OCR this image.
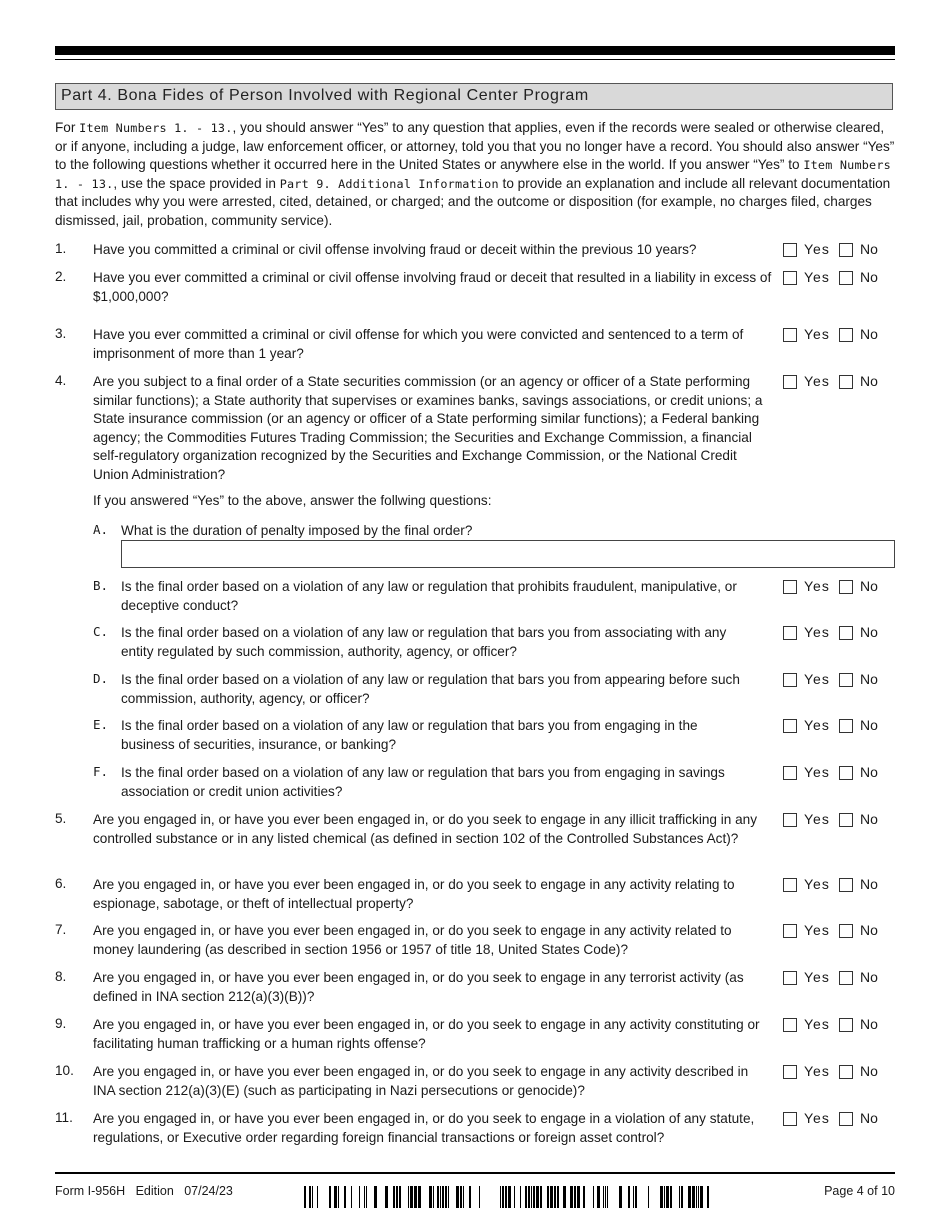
Part 4. Bona Fides of Person Involved with Regional Center Program
For Item Numbers 1. - 13., you should answer “Yes” to any question that applies, even if the records were sealed or otherwise cleared, or if anyone, including a judge, law enforcement officer, or attorney, told you that you no longer have a record. You should also answer “Yes” to the following questions whether it occurred here in the United States or anywhere else in the world. If you answer “Yes” to Item Numbers 1. - 13., use the space provided in Part 9. Additional Information to provide an explanation and include all relevant documentation that includes why you were arrested, cited, detained, or charged; and the outcome or disposition (for example, no charges filed, charges dismissed, jail, probation, community service).
1.	Have you committed a criminal or civil offense involving fraud or deceit within the previous 10 years?	Yes No
2.	Have you ever committed a criminal or civil offense involving fraud or deceit that resulted in a liability in excess of $1,000,000?
Yes No
3.	Have you ever committed a criminal or civil offense for which you were convicted and sentenced to a term of imprisonment of more than 1 year?
Yes No
4.	Are you subject to a final order of a State securities commission (or an agency or officer of a State performing similar functions); a State authority that supervises or examines banks, savings associations, or credit unions; a State insurance commission (or an agency or officer of a State performing similar functions); a Federal banking agency; the Commodities Futures Trading Commission; the Securities and Exchange Commission, a financial self-regulatory organization recognized by the Securities and Exchange Commission, or the National Credit Union Administration?
Yes No
If you answered “Yes” to the above, answer the follwing questions:
A. What is the duration of penalty imposed by the final order?
B. Is the final order based on a violation of any law or regulation that prohibits fraudulent, manipulative, or deceptive conduct?
Yes No
C. Is the final order based on a violation of any law or regulation that bars you from associating with any entity regulated by such commission, authority, agency, or officer?
Yes No
D. Is the final order based on a violation of any law or regulation that bars you from appearing before such commission, authority, agency, or officer?
Yes No
E. Is the final order based on a violation of any law or regulation that bars you from engaging in the business of securities, insurance, or banking?
Yes No
F. Is the final order based on a violation of any law or regulation that bars you from engaging in savings association or credit union activities?
Yes No
5.	Are you engaged in, or have you ever been engaged in, or do you seek to engage in any illicit trafficking in any controlled substance or in any listed chemical (as defined in section 102 of the Controlled Substances Act)?
Yes No
6.	Are you engaged in, or have you ever been engaged in, or do you seek to engage in any activity relating to espionage, sabotage, or theft of intellectual property?
Yes No
7.	Are you engaged in, or have you ever been engaged in, or do you seek to engage in any activity related to money laundering (as described in section 1956 or 1957 of title 18, United States Code)?
Yes No
8.	Are you engaged in, or have you ever been engaged in, or do you seek to engage in any terrorist activity (as defined in INA section 212(a)(3)(B))?
Yes No
9.	Are you engaged in, or have you ever been engaged in, or do you seek to engage in any activity constituting or facilitating human trafficking or a human rights offense?
Yes No
10.	Are you engaged in, or have you ever been engaged in, or do you seek to engage in any activity described in INA section 212(a)(3)(E) (such as participating in Nazi persecutions or genocide)?
Yes No
11.	Are you engaged in, or have you ever been engaged in, or do you seek to engage in a violation of any statute, regulations, or Executive order regarding foreign financial transactions or foreign asset control?
Yes No
Form I-956H   Edition   07/24/23	Page 4 of 10
